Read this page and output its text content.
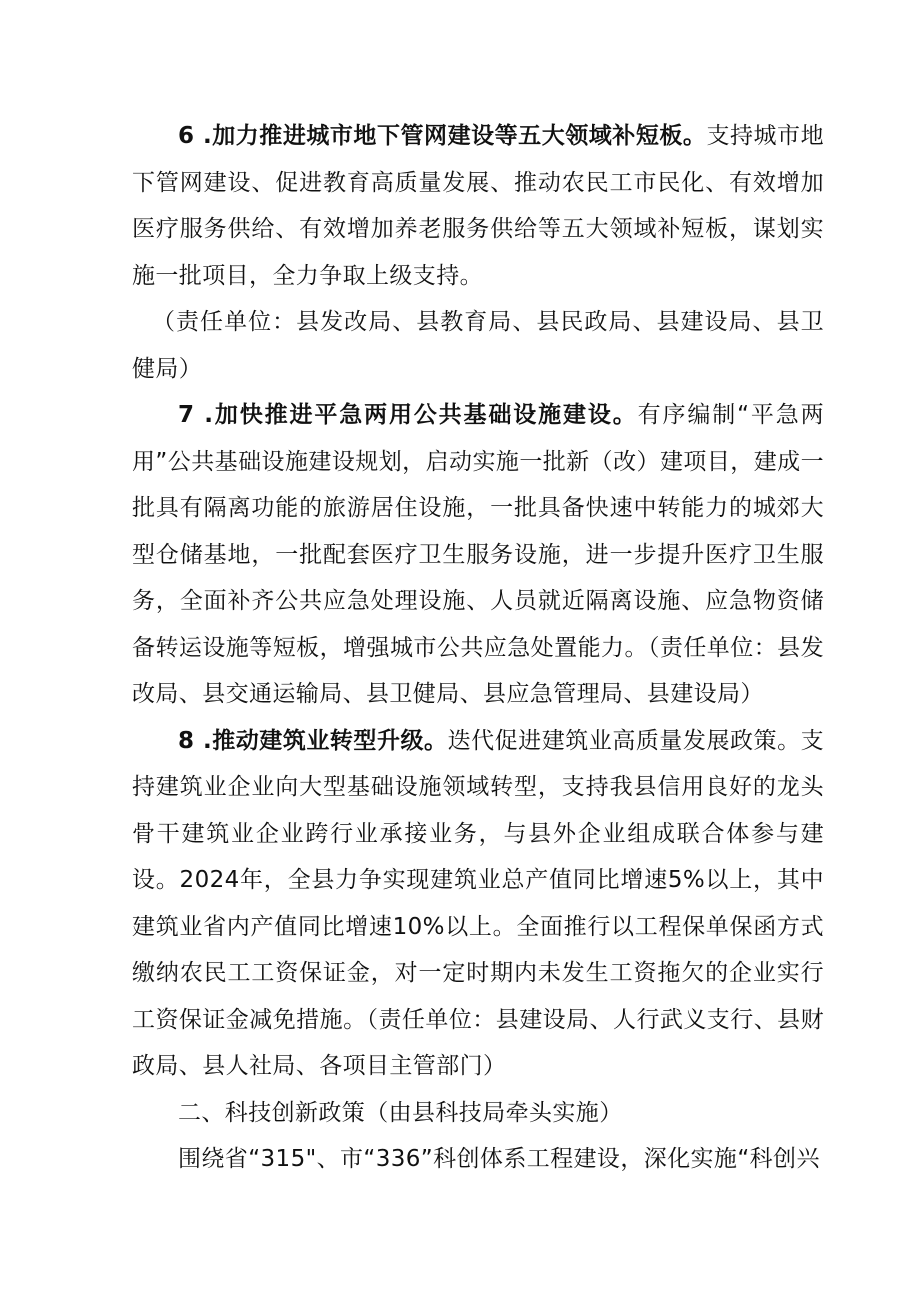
6 .加力推进城市地下管网建设等五大领域补短板。支持城市地下管网建设、促进教育高质量发展、推动农民工市民化、有效增加医疗服务供给、有效增加养老服务供给等五大领域补短板，谋划实施一批项目，全力争取上级支持。

（责任单位：县发改局、县教育局、县民政局、县建设局、县卫健局）

7 .加快推进平急两用公共基础设施建设。有序编制“平急两用”公共基础设施建设规划，启动实施一批新（改）建项目，建成一批具有隔离功能的旅游居住设施，一批具备快速中转能力的城郊大型仓储基地，一批配套医疗卫生服务设施，进一步提升医疗卫生服务，全面补齐公共应急处理设施、人员就近隔离设施、应急物资储备转运设施等短板，增强城市公共应急处置能力。（责任单位：县发改局、县交通运输局、县卫健局、县应急管理局、县建设局）

8 .推动建筑业转型升级。迭代促进建筑业高质量发展政策。支持建筑业企业向大型基础设施领域转型，支持我县信用良好的龙头骨干建筑业企业跨行业承接业务，与县外企业组成联合体参与建设。2024年，全县力争实现建筑业总产值同比增速5%以上，其中建筑业省内产值同比增速10%以上。全面推行以工程保单保函方式缴纳农民工工资保证金，对一定时期内未发生工资拖欠的企业实行工资保证金减免措施。（责任单位：县建设局、人行武义支行、县财政局、县人社局、各项目主管部门）

二、科技创新政策（由县科技局牵头实施）

围绕省“315"、市“336”科创体系工程建设，深化实施“科创兴
